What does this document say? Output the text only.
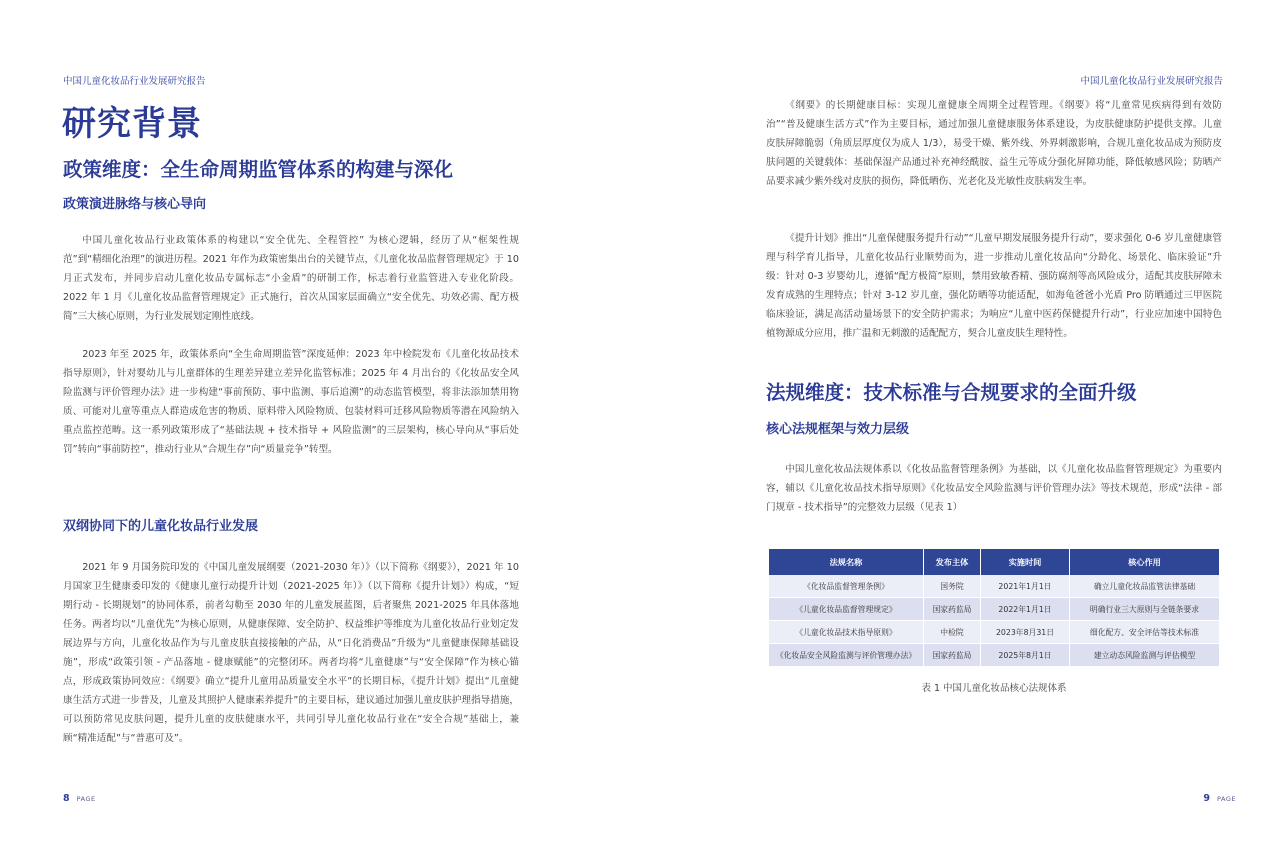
中国儿童化妆品行业发展研究报告
研究背景
政策维度：全生命周期监管体系的构建与深化
政策演进脉络与核心导向

中国儿童化妆品行业政策体系的构建以“安全优先、全程管控” 为核心逻辑，经历了从“框架性规范”到“精细化治理”的演进历程。2021 年作为政策密集出台的关键节点，《儿童化妆品监督管理规定》于 10 月正式发布，并同步启动儿童化妆品专属标志“小金盾”的研制工作，标志着行业监管进入专业化阶段。2022 年 1 月《儿童化妆品监督管理规定》正式施行，首次从国家层面确立“安全优先、功效必需、配方极简”三大核心原则，为行业发展划定刚性底线。

2023 年至 2025 年，政策体系向“全生命周期监管”深度延伸：2023 年中检院发布《儿童化妆品技术指导原则》，针对婴幼儿与儿童群体的生理差异建立差异化监管标准；2025 年 4 月出台的《化妆品安全风险监测与评价管理办法》进一步构建“事前预防、事中监测、事后追溯”的动态监管模型，将非法添加禁用物质、可能对儿童等重点人群造成危害的物质、原料带入风险物质、包装材料可迁移风险物质等潜在风险纳入重点监控范畴。这一系列政策形成了“基础法规 + 技术指导 + 风险监测”的三层架构，核心导向从“事后处罚”转向“事前防控”，推动行业从“合规生存”向“质量竞争”转型。

双纲协同下的儿童化妆品行业发展

2021 年 9 月国务院印发的《中国儿童发展纲要（2021-2030 年）》（以下简称《纲要》），2021 年 10 月国家卫生健康委印发的《健康儿童行动提升计划（2021-2025 年）》（以下简称《提升计划》）构成，“短期行动 - 长期规划”的协同体系，前者勾勒至 2030 年的儿童发展蓝图，后者聚焦 2021-2025 年具体落地任务。两者均以“儿童优先”为核心原则，从健康保障、安全防护、权益维护等维度为儿童化妆品行业划定发展边界与方向，儿童化妆品作为与儿童皮肤直接接触的产品，从“日化消费品”升级为“儿童健康保障基础设施”，形成“政策引领 - 产品落地 - 健康赋能”的完整闭环。两者均将“儿童健康”与“安全保障”作为核心锚点，形成政策协同效应：《纲要》确立“提升儿童用品质量安全水平”的长期目标，《提升计划》提出“儿童健康生活方式进一步普及，儿童及其照护人健康素养提升”的主要目标，建议通过加强儿童皮肤护理指导措施，可以预防常见皮肤问题，提升儿童的皮肤健康水平，共同引导儿童化妆品行业在“安全合规”基础上，兼顾“精准适配”与“普惠可及”。

8 PAGE
中国儿童化妆品行业发展研究报告

《纲要》的长期健康目标：实现儿童健康全周期全过程管理。《纲要》将“儿童常见疾病得到有效防治”“普及健康生活方式”作为主要目标，通过加强儿童健康服务体系建设，为皮肤健康防护提供支撑。儿童皮肤屏障脆弱（角质层厚度仅为成人 1/3），易受干燥、紫外线、外界刺激影响，合规儿童化妆品成为预防皮肤问题的关键载体：基础保湿产品通过补充神经酰胺、益生元等成分强化屏障功能，降低敏感风险；防晒产品要求减少紫外线对皮肤的损伤，降低晒伤、光老化及光敏性皮肤病发生率。

《提升计划》推出“儿童保健服务提升行动”“儿童早期发展服务提升行动”，要求强化 0-6 岁儿童健康管理与科学育儿指导，儿童化妆品行业顺势而为，进一步推动儿童化妆品向“分龄化、场景化、临床验证”升级：针对 0-3 岁婴幼儿，遵循“配方极简”原则，禁用致敏香精、强防腐剂等高风险成分，适配其皮肤屏障未发育成熟的生理特点；针对 3-12 岁儿童，强化防晒等功能适配，如海龟爸爸小光盾 Pro 防晒通过三甲医院临床验证，满足高活动量场景下的安全防护需求；为响应“儿童中医药保健提升行动”，行业应加速中国特色植物源成分应用，推广温和无刺激的适配配方，契合儿童皮肤生理特性。

法规维度：技术标准与合规要求的全面升级
核心法规框架与效力层级

中国儿童化妆品法规体系以《化妆品监督管理条例》为基础，以《儿童化妆品监督管理规定》为重要内容，辅以《儿童化妆品技术指导原则》《化妆品安全风险监测与评价管理办法》等技术规范，形成“法律 - 部门规章 - 技术指导”的完整效力层级（见表 1）

法规名称	发布主体	实施时间	核心作用
《化妆品监督管理条例》	国务院	2021年1月1日	确立儿童化妆品监管法律基础
《儿童化妆品监督管理规定》	国家药监局	2022年1月1日	明确行业三大原则与全链条要求
《儿童化妆品技术指导原则》	中检院	2023年8月31日	细化配方、安全评估等技术标准
《化妆品安全风险监测与评价管理办法》	国家药监局	2025年8月1日	建立动态风险监测与评估模型

表 1 中国儿童化妆品核心法规体系

9 PAGE
